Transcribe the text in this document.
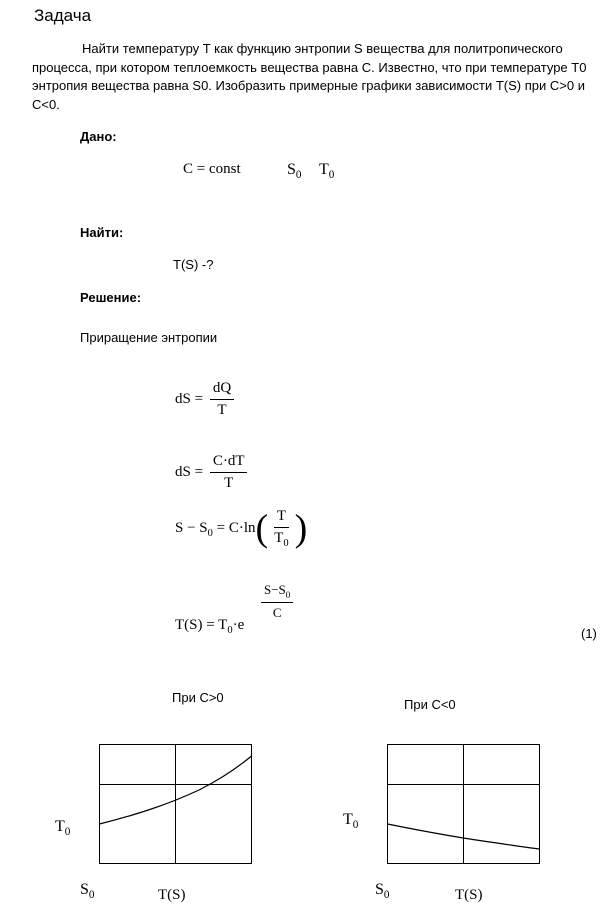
Задача
Найти температуру T как функцию энтропии S вещества для политропического процесса, при котором теплоемкость вещества равна C. Известно, что при температуре T0 энтропия вещества равна S0. Изобразить примерные графики зависимости T(S) при C>0 и C<0.
Дано:
C = const	$S_0$ $T_0$
Найти:
T(S) -?
Решение:
Приращение энтропии
dS = $\frac{dQ}{T}$
dS = $\frac{C\cdot dT}{T}$
$S - S_0 = C\cdot\ln( \frac{T}{T_0}$ )
$\frac{S-S_0}{C}$
$T(S) = T_0\cdot e$
(1)
При C>0
$T_0$
$S_0$	T(S)
При C<0
$T_0$
$S_0$	T(S)
